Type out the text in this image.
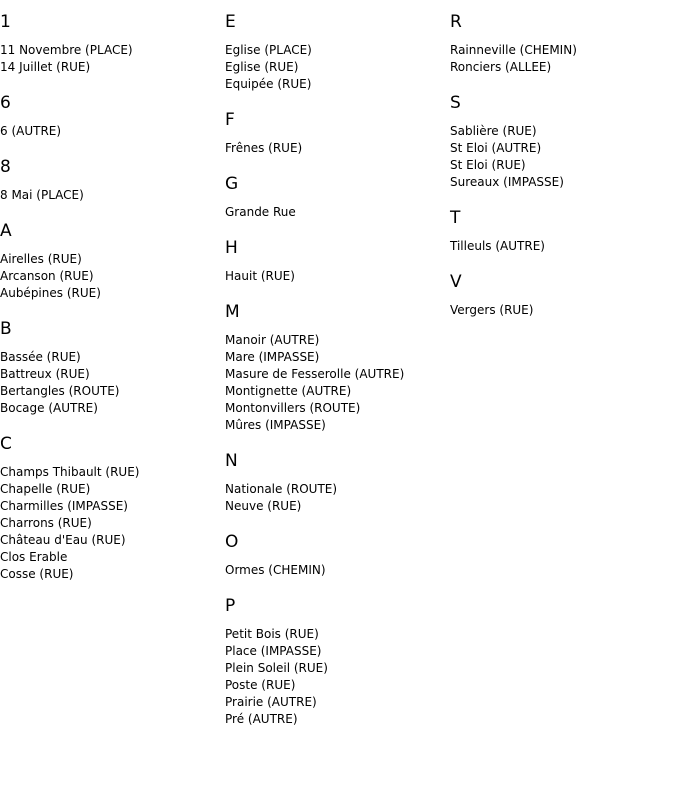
1
11 Novembre (PLACE)
14 Juillet (RUE)
6
6 (AUTRE)
8
8 Mai (PLACE)
A
Airelles (RUE)
Arcanson (RUE)
Aubépines (RUE)
B
Bassée (RUE)
Battreux (RUE)
Bertangles (ROUTE)
Bocage (AUTRE)
C
Champs Thibault (RUE)
Chapelle (RUE)
Charmilles (IMPASSE)
Charrons (RUE)
Château d'Eau (RUE)
Clos Erable
Cosse (RUE)
E
Eglise (PLACE)
Eglise (RUE)
Equipée (RUE)
F
Frênes (RUE)
G
Grande Rue
H
Hauit (RUE)
M
Manoir (AUTRE)
Mare (IMPASSE)
Masure de Fesserolle (AUTRE)
Montignette (AUTRE)
Montonvillers (ROUTE)
Mûres (IMPASSE)
N
Nationale (ROUTE)
Neuve (RUE)
O
Ormes (CHEMIN)
P
Petit Bois (RUE)
Place (IMPASSE)
Plein Soleil (RUE)
Poste (RUE)
Prairie (AUTRE)
Pré (AUTRE)
R
Rainneville (CHEMIN)
Ronciers (ALLEE)
S
Sablière (RUE)
St Eloi (AUTRE)
St Eloi (RUE)
Sureaux (IMPASSE)
T
Tilleuls (AUTRE)
V
Vergers (RUE)
